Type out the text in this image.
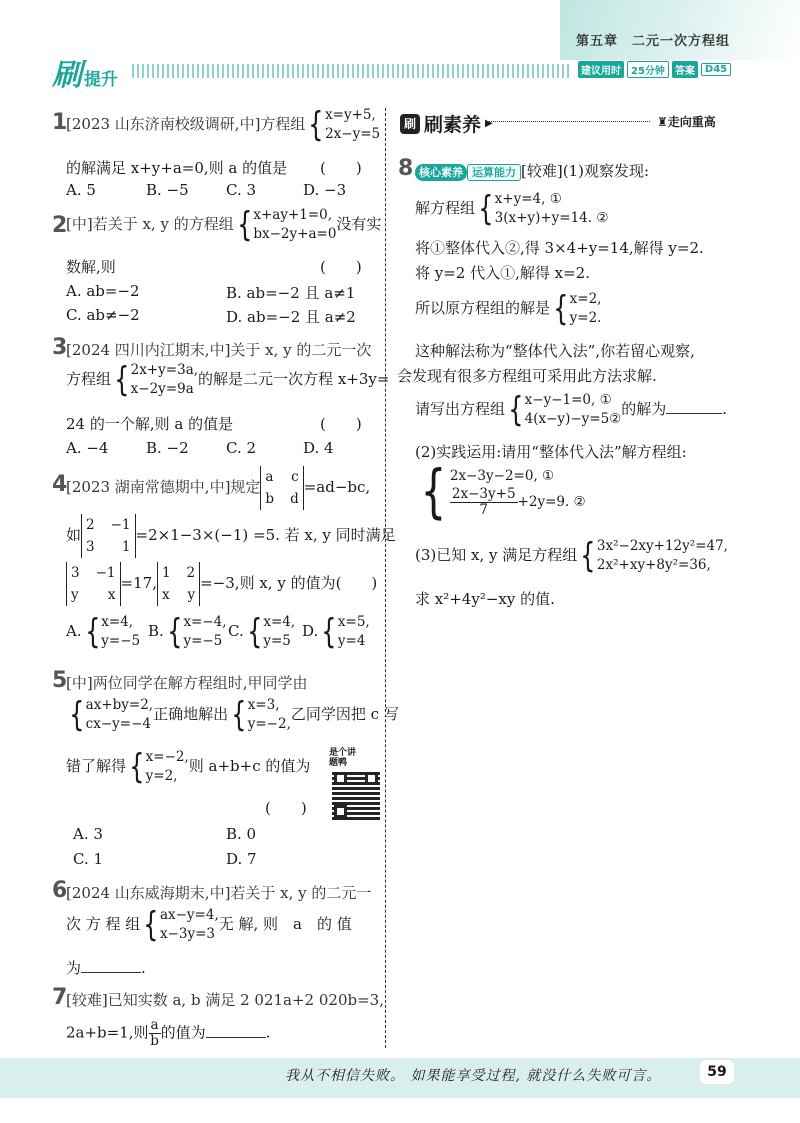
第五章　二元一次方程组
刷提升	建议用时	25分钟	答案	D45
1
[2023 山东济南校级调研,中]方程组 { x=y+5,
2x−y=5
的解满足 x+y+a=0,则 a 的值是 (　　)
A. 5	B. −5 C. 3	D. −3
2
[中]若关于 x, y 的方程组 { x+ay+1=0,
bx−2y+a=0
没有实
数解,则	(　　)
A. ab=−2	B. ab=−2 且 a≠1
C. ab≠−2	D. ab=−2 且 a≠2
3
[2024 四川内江期末,中]关于 x, y 的二元一次
方程组 { 2x+y=3a,
x−2y=9a
的解是二元一次方程 x+3y=
24 的一个解,则 a 的值是	(　　)
A. −4	B. −2 C. 2	D. 4
4
[2023 湖南常德期中,中]规定
a c
b d
=ad−bc,
如
2 −1
3 1
=2×1−3×(−1) =5. 若 x, y 同时满足
3 −1
y x
=17,
1 2
x y
=−3,则 x, y 的值为(　　)
A. { x=4,
y=−5
B. { x=−4,
y=−5
C. { x=4,
y=5
D. { x=5,
y=4
5
[中]两位同学在解方程组时,甲同学由
{ ax+by=2,
cx−y=−4
正确地解出 { x=3,
y=−2,
乙同学因把 c 写
错了解得 { x=−2,
y=2,
则 a+b+c 的值为
(　　)
是个讲题鸭
A. 3	B. 0
C. 1	D. 7
6
[2024 山东威海期末,中]若关于 x, y 的二元一
次 方 程 组 { ax−y=4,
x−3y=3
无 解, 则　a　的 值
为	.
7
[较难]已知实数 a, b 满足 2 021a+2 020b=3,
2a+b=1,则 $\frac{a}{b}$ 的值为	.
刷 刷素养 ▶	♜走向重高
8 核心素养 运算能力 [较难](1)观察发现:
解方程组 { x+y=4, ①
3(x+y)+y=14. ②
将①整体代入②,得 3×4+y=14,解得 y=2.
将 y=2 代入①,解得 x=2.
所以原方程组的解是 { x=2,
y=2.
这种解法称为“整体代入法”,你若留心观察,
会发现有很多方程组可采用此方法求解.
请写出方程组 { x−y−1=0, ①
4(x−y)−y=5②
的解为	.
(2)实践运用:请用“整体代入法”解方程组:
{ 2x−3y−2=0, ①
$\frac{2x-3y+5}{7} +2y=9$. ②
(3)已知 x, y 满足方程组 { 3x²−2xy+12y²=47,
2x²+xy+8y²=36,
求 x²+4y²−xy 的值.
我从不相信失败。 如果能享受过程, 就没什么失败可言。	59
